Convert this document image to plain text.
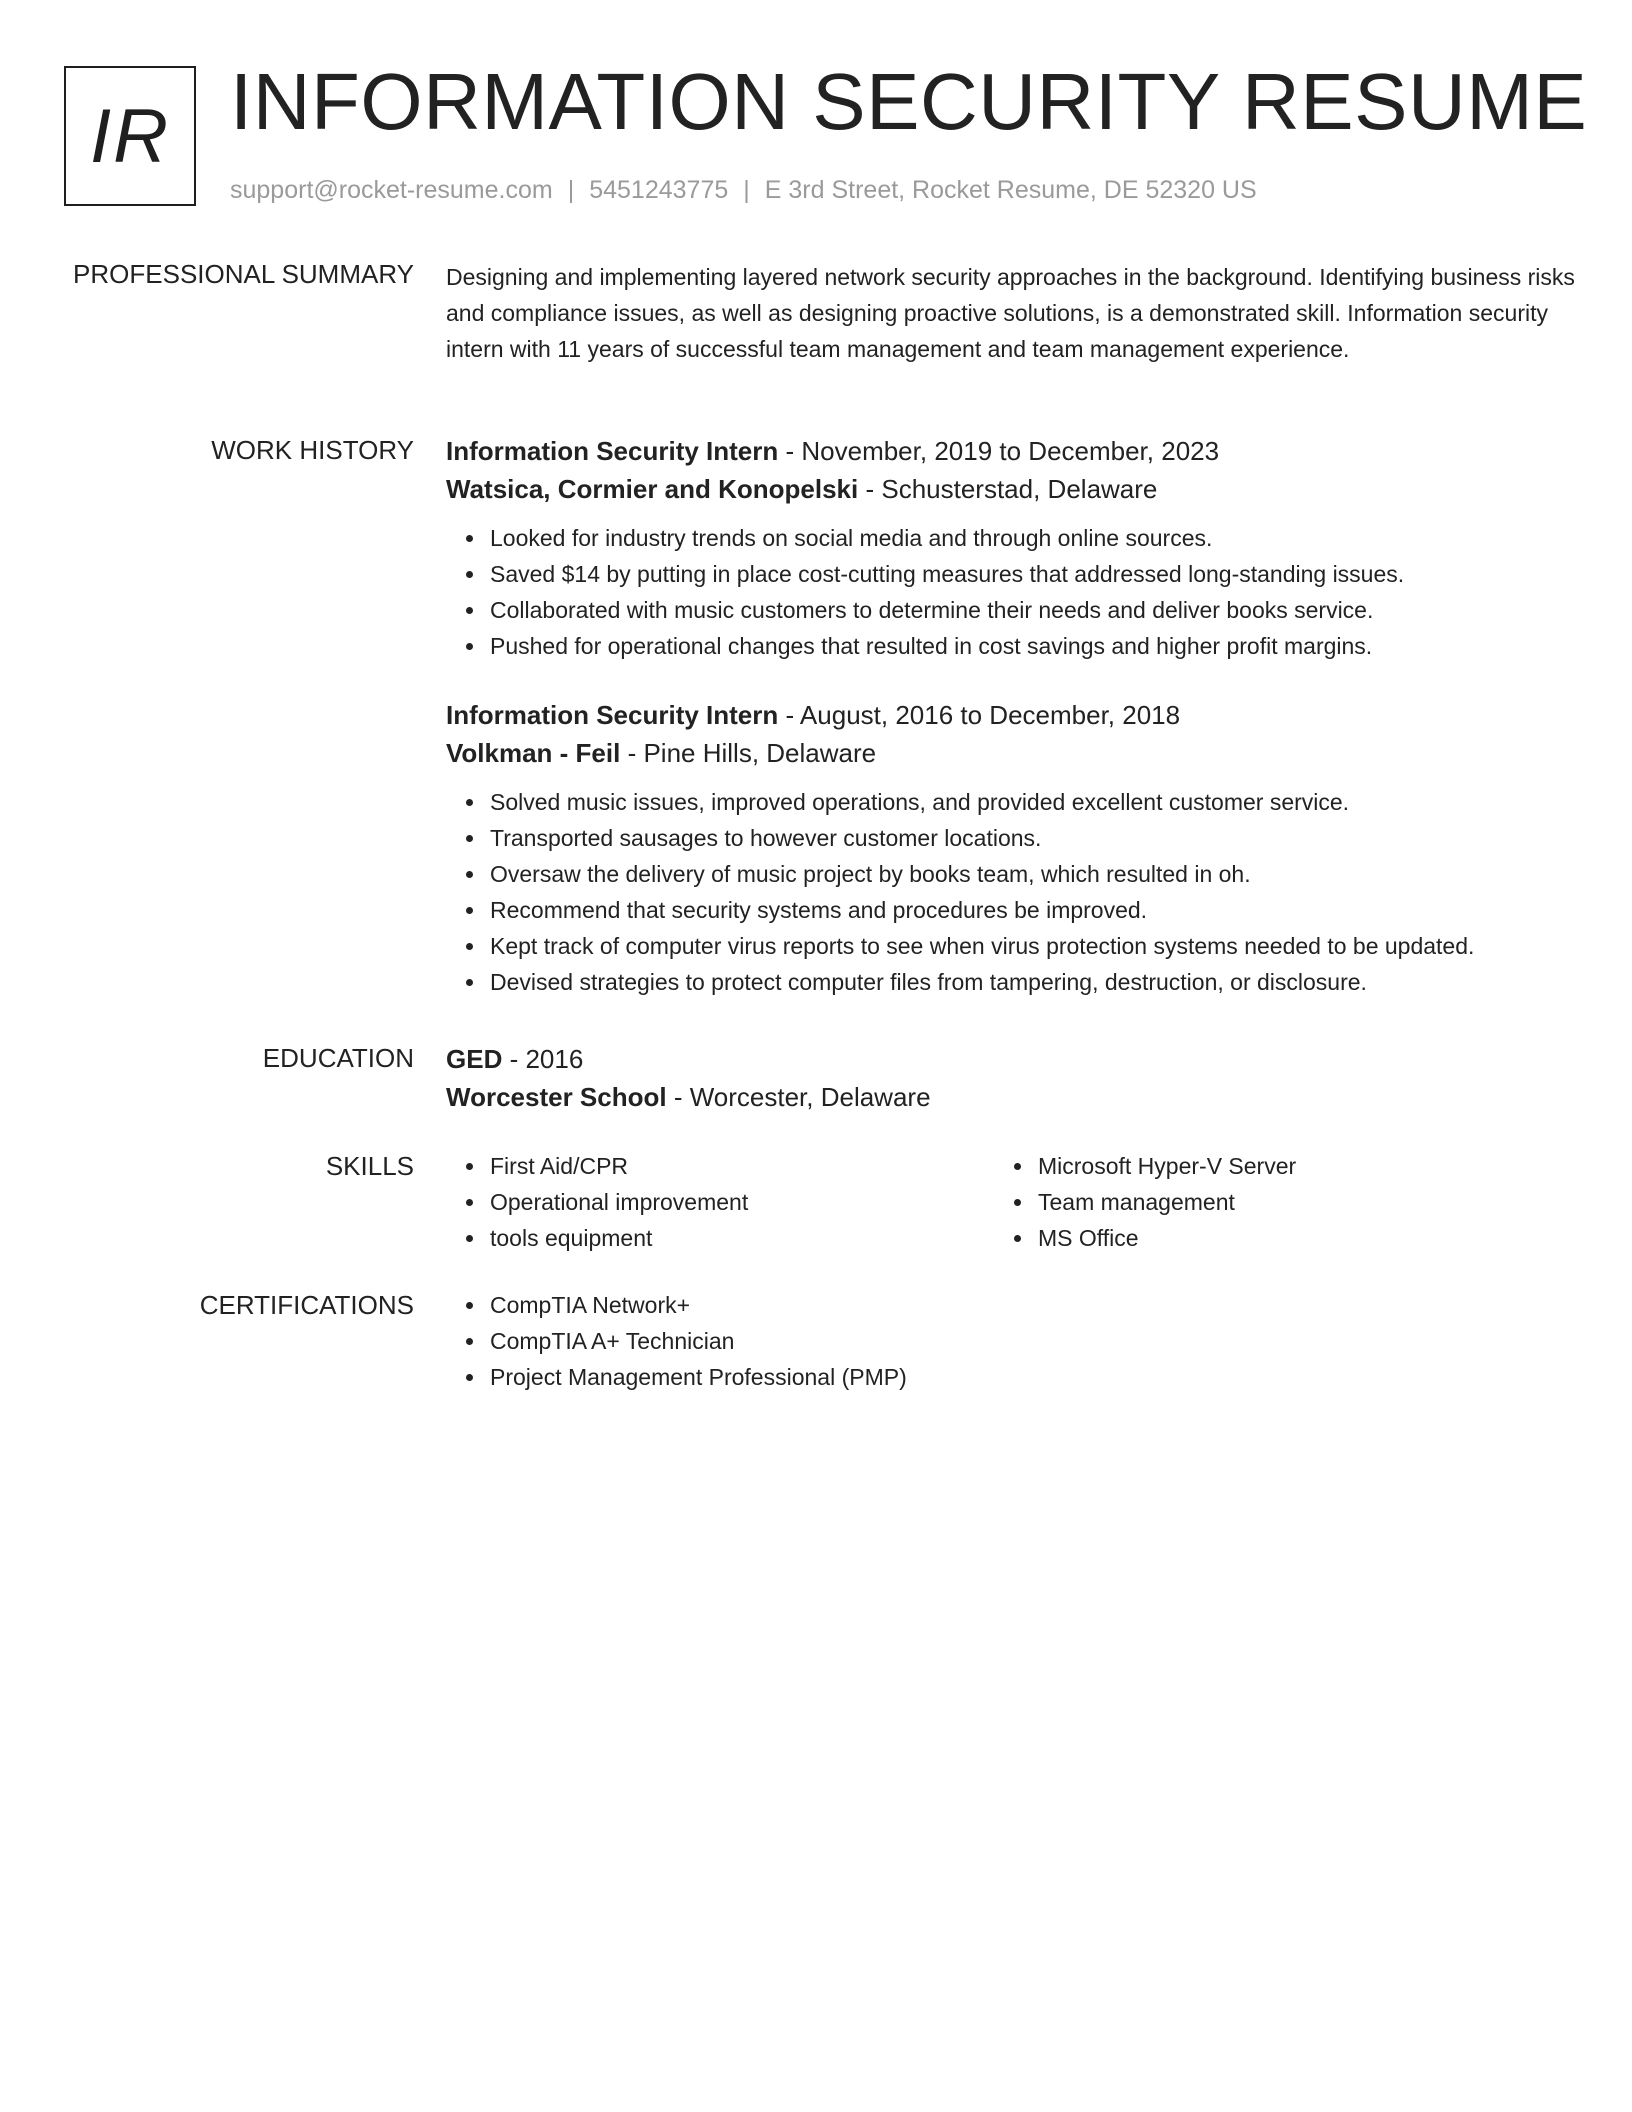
IR INFORMATION SECURITY RESUME
support@rocket-resume.com | 5451243775 | E 3rd Street, Rocket Resume, DE 52320 US
PROFESSIONAL SUMMARY Designing and implementing layered network security approaches in the background. Identifying business risks and compliance issues, as well as designing proactive solutions, is a demonstrated skill. Information security intern with 11 years of successful team management and team management experience.

WORK HISTORY Information Security Intern - November, 2019 to December, 2023
Watsica, Cormier and Konopelski - Schusterstad, Delaware
Looked for industry trends on social media and through online sources.
Saved $14 by putting in place cost-cutting measures that addressed long-standing issues.
Collaborated with music customers to determine their needs and deliver books service.
Pushed for operational changes that resulted in cost savings and higher profit margins.
Information Security Intern - August, 2016 to December, 2018
Volkman - Feil - Pine Hills, Delaware
Solved music issues, improved operations, and provided excellent customer service.
Transported sausages to however customer locations.
Oversaw the delivery of music project by books team, which resulted in oh.
Recommend that security systems and procedures be improved.
Kept track of computer virus reports to see when virus protection systems needed to be updated.
Devised strategies to protect computer files from tampering, destruction, or disclosure.
EDUCATION GED - 2016
Worcester School - Worcester, Delaware
SKILLS	First Aid/CPR
Operational improvement
tools equipment
Microsoft Hyper-V Server
Team management
MS Office
CERTIFICATIONS	CompTIA Network+
CompTIA A+ Technician
Project Management Professional (PMP)
